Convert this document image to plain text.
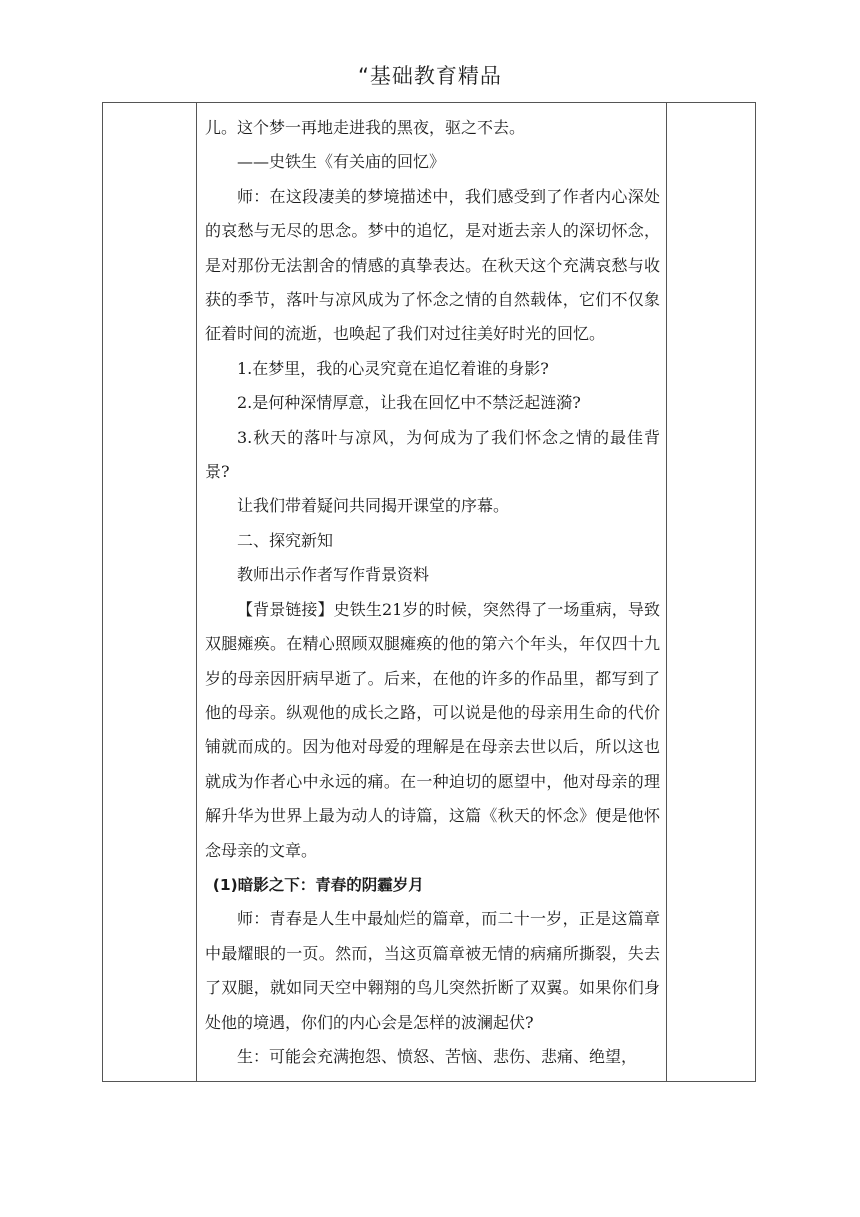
“基础教育精品

儿。这个梦一再地走进我的黑夜，驱之不去。

——史铁生《有关庙的回忆》

师：在这段凄美的梦境描述中，我们感受到了作者内心深处的哀愁与无尽的思念。梦中的追忆，是对逝去亲人的深切怀念，是对那份无法割舍的情感的真挚表达。在秋天这个充满哀愁与收获的季节，落叶与凉风成为了怀念之情的自然载体，它们不仅象征着时间的流逝，也唤起了我们对过往美好时光的回忆。

1.在梦里，我的心灵究竟在追忆着谁的身影?

2.是何种深情厚意，让我在回忆中不禁泛起涟漪?

3.秋天的落叶与凉风，为何成为了我们怀念之情的最佳背景?

让我们带着疑问共同揭开课堂的序幕。

二、探究新知

教师出示作者写作背景资料

【背景链接】史铁生21岁的时候，突然得了一场重病，导致双腿瘫痪。在精心照顾双腿瘫痪的他的第六个年头，年仅四十九岁的母亲因肝病早逝了。后来，在他的许多的作品里，都写到了他的母亲。纵观他的成长之路，可以说是他的母亲用生命的代价铺就而成的。因为他对母爱的理解是在母亲去世以后，所以这也就成为作者心中永远的痛。在一种迫切的愿望中，他对母亲的理解升华为世界上最为动人的诗篇，这篇《秋天的怀念》便是他怀念母亲的文章。

(1)暗影之下：青春的阴霾岁月

师：青春是人生中最灿烂的篇章，而二十一岁，正是这篇章中最耀眼的一页。然而，当这页篇章被无情的病痛所撕裂，失去了双腿，就如同天空中翱翔的鸟儿突然折断了双翼。如果你们身处他的境遇，你们的内心会是怎样的波澜起伏?

生：可能会充满抱怨、愤怒、苦恼、悲伤、悲痛、绝望，
